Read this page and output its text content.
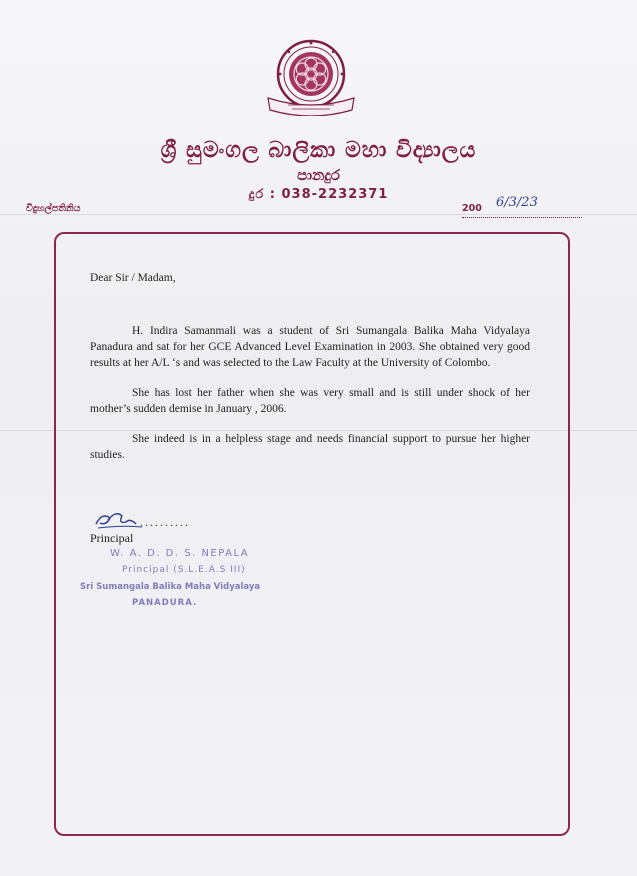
ශ්‍රී සුමංගල බාලිකා මහා විද්‍යාලය
පානදුර
දුර : 038-2232371
විදුහල්පතිනිය	200 6/3/23

Dear Sir / Madam,

H. Indira Samanmali was a student of Sri Sumangala Balika Maha Vidyalaya Panadura and sat for her GCE Advanced Level Examination in 2003. She obtained very good results at her A/L ‘s and was selected to the Law Faculty at the University of Colombo.

She has lost her father when she was very small and is still under shock of her mother’s sudden demise in January , 2006.

She indeed is in a helpless stage and needs financial support to pursue her higher studies.

..........
Principal
W. A. D. D. S. NEPALA
Principal (S.L.E.A.S III)
Sri Sumangala Balika Maha Vidyalaya
PANADURA.
